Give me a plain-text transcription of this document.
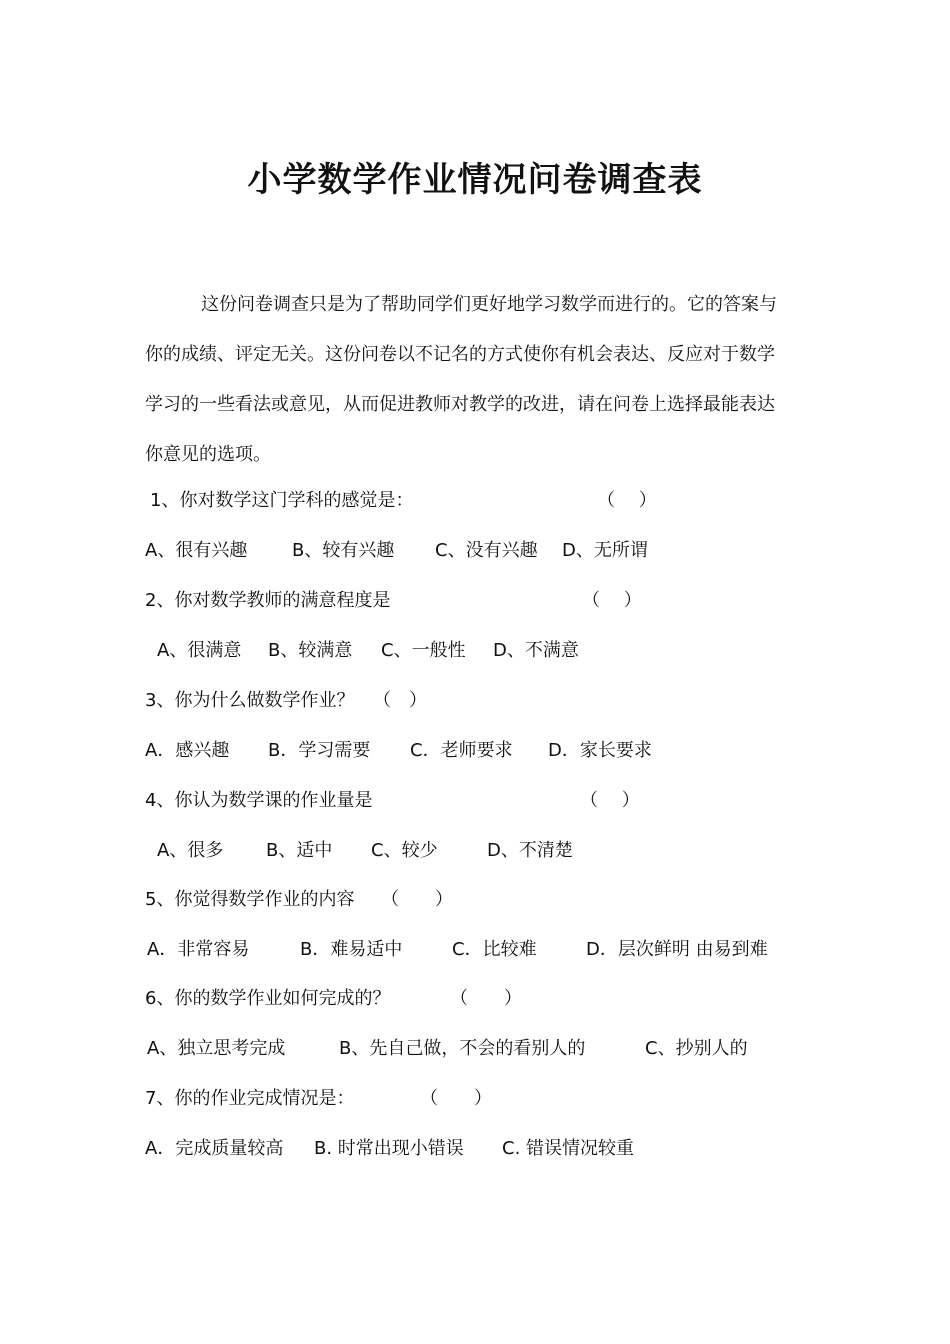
小学数学作业情况问卷调查表
这份问卷调查只是为了帮助同学们更好地学习数学而进行的。它的答案与
你的成绩、评定无关。这份问卷以不记名的方式使你有机会表达、反应对于数学
学习的一些看法或意见，从而促进教师对教学的改进，请在问卷上选择最能表达
你意见的选项。
1、你对数学这门学科的感觉是：	（　 ）
A、很有兴趣 B、较有兴趣 C、没有兴趣 D、无所谓
2、你对数学教师的满意程度是	（　 ）
A、很满意 B、较满意 C、一般性 D、不满意
3、你为什么做数学作业？ （　）
A．感兴趣 B．学习需要 C．老师要求 D．家长要求
4、你认为数学课的作业量是	（　 ）
A、很多 B、适中 C、较少	D、不清楚
5、你觉得数学作业的内容 （　　）
A．非常容易	B．难易适中	C．比较难	D．层次鲜明 由易到难
6、你的数学作业如何完成的？	（　　）
A、独立思考完成	B、先自己做，不会的看别人的	C、抄别人的
7、你的作业完成情况是：	（　　）
A．完成质量较高 B. 时常出现小错误 C. 错误情况较重
